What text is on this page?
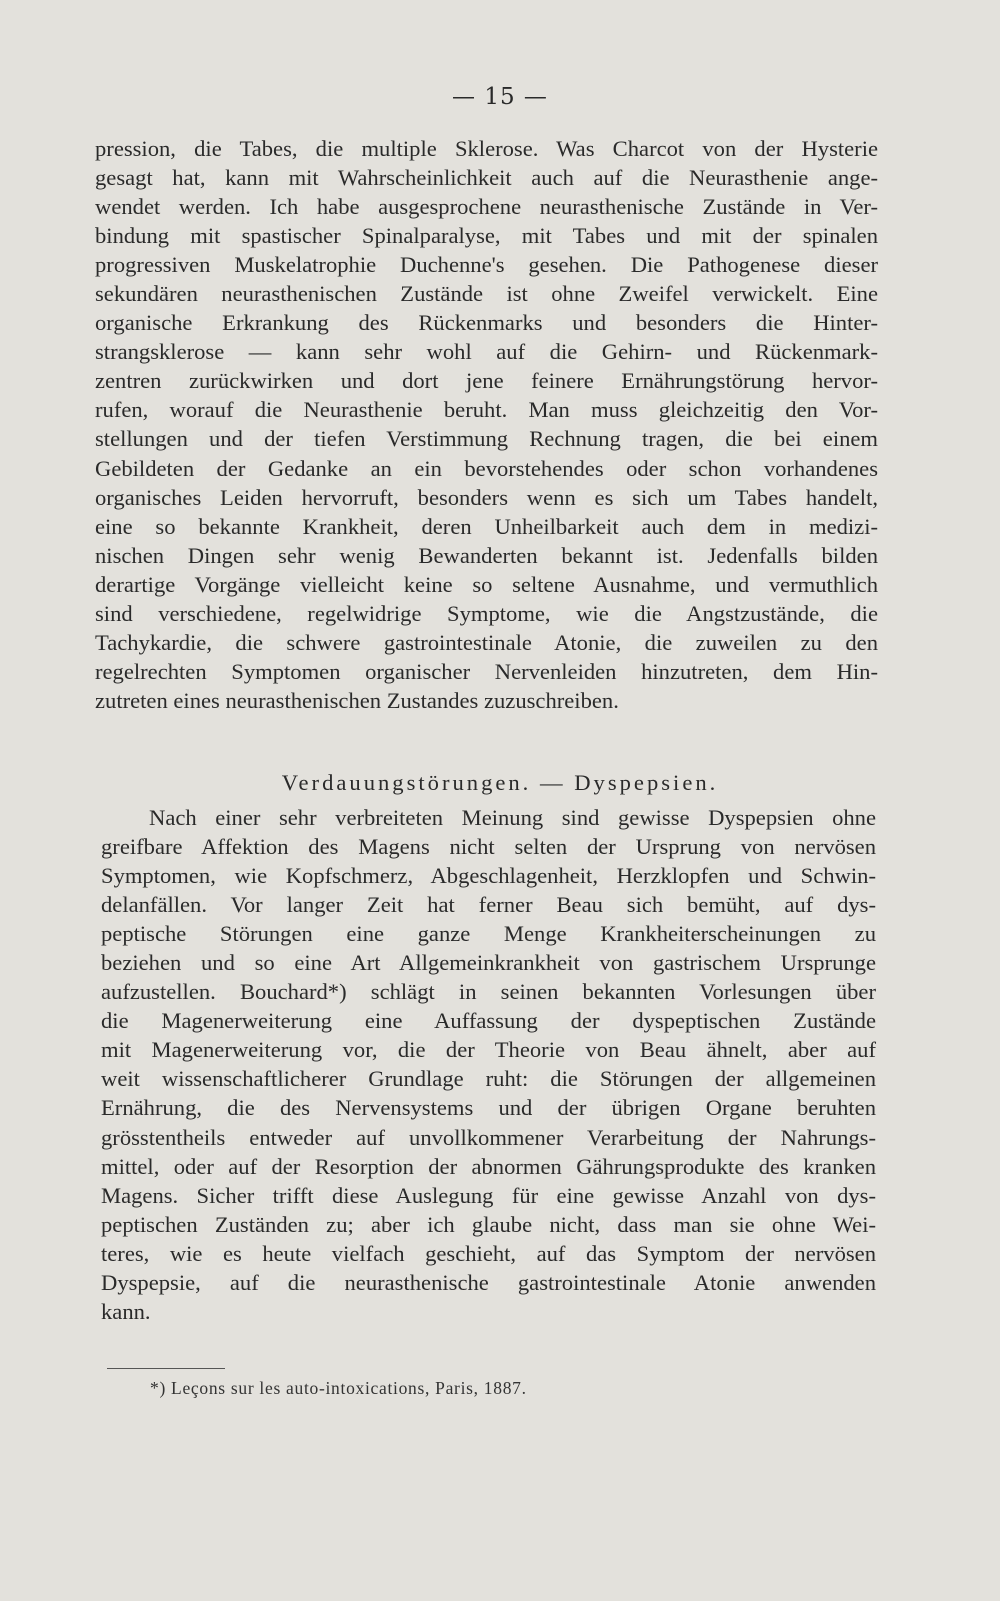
— 15 —
pression, die Tabes, die multiple Sklerose. Was Charcot von der Hysterie
gesagt hat, kann mit Wahrscheinlichkeit auch auf die Neurasthenie ange-
wendet werden. Ich habe ausgesprochene neurasthenische Zustände in Ver-
bindung mit spastischer Spinalparalyse, mit Tabes und mit der spinalen
progressiven Muskelatrophie Duchenne's gesehen. Die Pathogenese dieser
sekundären neurasthenischen Zustände ist ohne Zweifel verwickelt. Eine
organische Erkrankung des Rückenmarks und besonders die Hinter-
strangsklerose — kann sehr wohl auf die Gehirn- und Rückenmark-
zentren zurückwirken und dort jene feinere Ernährungstörung hervor-
rufen, worauf die Neurasthenie beruht. Man muss gleichzeitig den Vor-
stellungen und der tiefen Verstimmung Rechnung tragen, die bei einem
Gebildeten der Gedanke an ein bevorstehendes oder schon vorhandenes
organisches Leiden hervorruft, besonders wenn es sich um Tabes handelt,
eine so bekannte Krankheit, deren Unheilbarkeit auch dem in medizi-
nischen Dingen sehr wenig Bewanderten bekannt ist. Jedenfalls bilden
derartige Vorgänge vielleicht keine so seltene Ausnahme, und vermuthlich
sind verschiedene, regelwidrige Symptome, wie die Angstzustände, die
Tachykardie, die schwere gastrointestinale Atonie, die zuweilen zu den
regelrechten Symptomen organischer Nervenleiden hinzutreten, dem Hin-
zutreten eines neurasthenischen Zustandes zuzuschreiben.
Verdauungstörungen. — Dyspepsien.
Nach einer sehr verbreiteten Meinung sind gewisse Dyspepsien ohne
greifbare Affektion des Magens nicht selten der Ursprung von nervösen
Symptomen, wie Kopfschmerz, Abgeschlagenheit, Herzklopfen und Schwin-
delanfällen. Vor langer Zeit hat ferner Beau sich bemüht, auf dys-
peptische Störungen eine ganze Menge Krankheiterscheinungen zu
beziehen und so eine Art Allgemeinkrankheit von gastrischem Ursprunge
aufzustellen. Bouchard*) schlägt in seinen bekannten Vorlesungen über
die Magenerweiterung eine Auffassung der dyspeptischen Zustände
mit Magenerweiterung vor, die der Theorie von Beau ähnelt, aber auf
weit wissenschaftlicherer Grundlage ruht: die Störungen der allgemeinen
Ernährung, die des Nervensystems und der übrigen Organe beruhten
grösstentheils entweder auf unvollkommener Verarbeitung der Nahrungs-
mittel, oder auf der Resorption der abnormen Gährungsprodukte des kranken
Magens. Sicher trifft diese Auslegung für eine gewisse Anzahl von dys-
peptischen Zuständen zu; aber ich glaube nicht, dass man sie ohne Wei-
teres, wie es heute vielfach geschieht, auf das Symptom der nervösen
Dyspepsie, auf die neurasthenische gastrointestinale Atonie anwenden
kann.
*) Leçons sur les auto-intoxications, Paris, 1887.
